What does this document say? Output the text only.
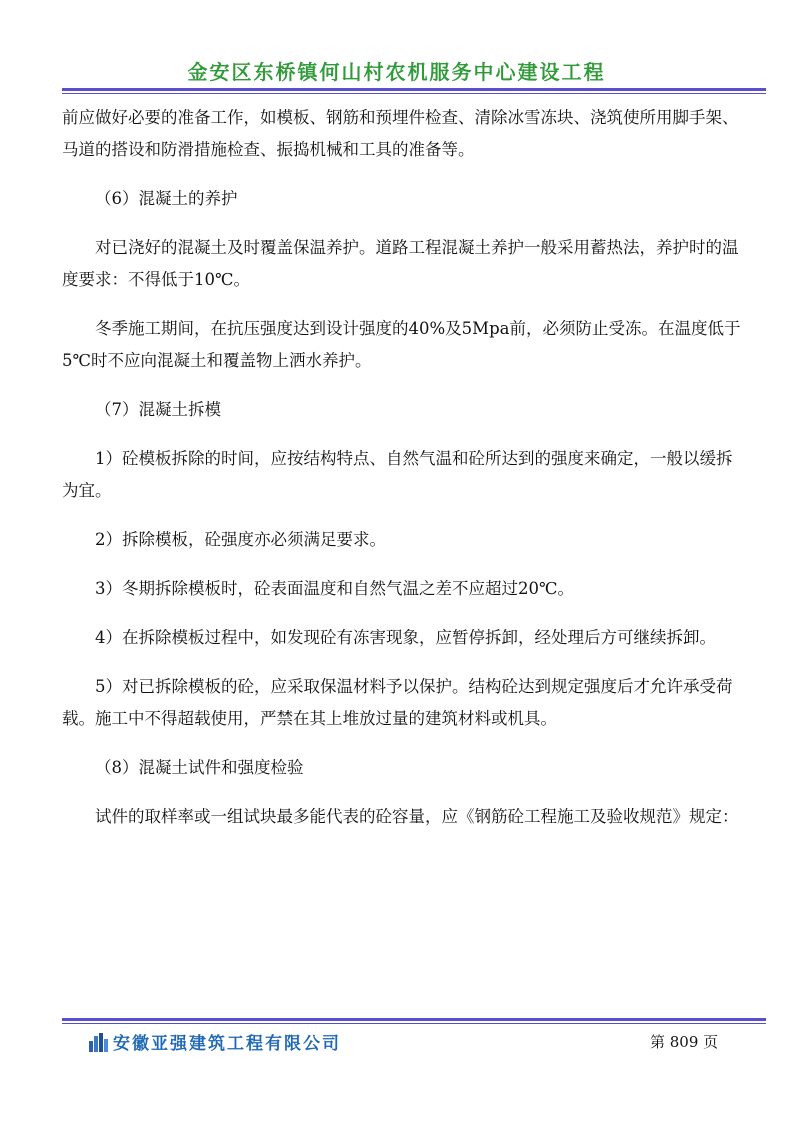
金安区东桥镇何山村农机服务中心建设工程

前应做好必要的准备工作，如模板、钢筋和预埋件检查、清除冰雪冻块、浇筑使所用脚手架、马道的搭设和防滑措施检查、振捣机械和工具的准备等。

（6）混凝土的养护

对已浇好的混凝土及时覆盖保温养护。道路工程混凝土养护一般采用蓄热法，养护时的温度要求：不得低于10℃。

冬季施工期间，在抗压强度达到设计强度的40%及5Mpa前，必须防止受冻。在温度低于5℃时不应向混凝土和覆盖物上洒水养护。

（7）混凝土拆模

1）砼模板拆除的时间，应按结构特点、自然气温和砼所达到的强度来确定，一般以缓拆为宜。

2）拆除模板，砼强度亦必须满足要求。

3）冬期拆除模板时，砼表面温度和自然气温之差不应超过20℃。

4）在拆除模板过程中，如发现砼有冻害现象，应暂停拆卸，经处理后方可继续拆卸。

5）对已拆除模板的砼，应采取保温材料予以保护。结构砼达到规定强度后才允许承受荷载。施工中不得超载使用，严禁在其上堆放过量的建筑材料或机具。

（8）混凝土试件和强度检验

试件的取样率或一组试块最多能代表的砼容量，应《钢筋砼工程施工及验收规范》规定：

安徽亚强建筑工程有限公司	第 809 页
